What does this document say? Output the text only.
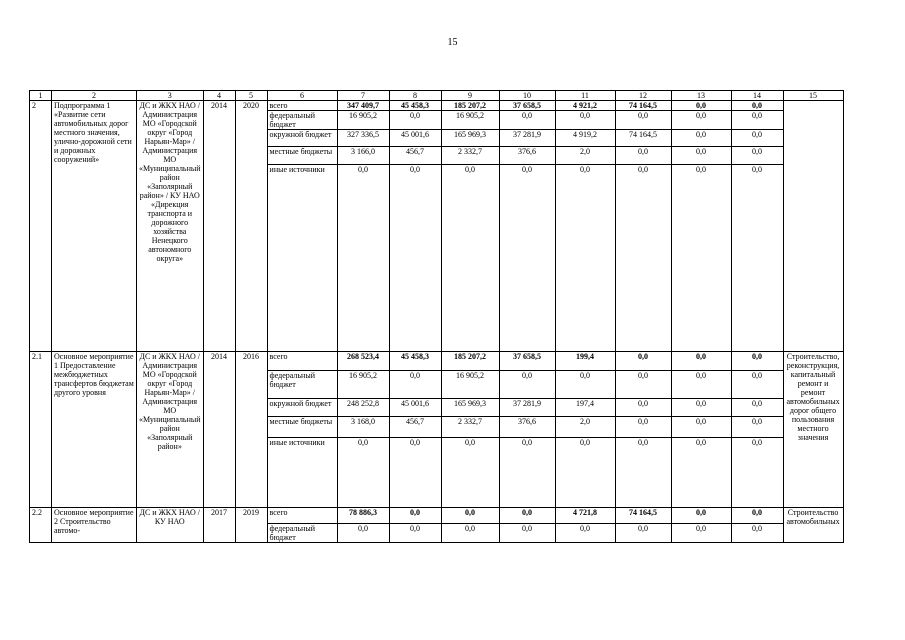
15
1	2	3	4	5	6	7	8	9	10	11	12	13	14	15
2	Подпрограмма 1 «Развитие сети автомобильных дорог местного значения, улично-дорожной сети и дорожных сооружений»	ДС и ЖКХ НАО / Администрация МО «Городской округ «Город Нарьян-Мар» / Администрация МО «Муниципальный район «Заполярный район» / КУ НАО «Дирекция транспорта и дорожного хозяйства Ненецкого автономного округа»	2014	2020	всего	347 409,7	45 458,3	185 207,2	37 658,5	4 921,2	74 164,5	0,0	0,0	
					федеральный бюджет	16 905,2	0,0	16 905,2	0,0	0,0	0,0	0,0	0,0	
					окружной бюджет	327 336,5	45 001,6	165 969,3	37 281,9	4 919,2	74 164,5	0,0	0,0	
					местные бюджеты	3 166,0	456,7	2 332,7	376,6	2,0	0,0	0,0	0,0	
					иные источники	0,0	0,0	0,0	0,0	0,0	0,0	0,0	0,0	
2.1	Основное мероприятие 1 Предоставление межбюджетных трансфертов бюджетам другого уровня	ДС и ЖКХ НАО / Администрация МО «Городской округ «Город Нарьян-Мар» / Администрация МО «Муниципальный район «Заполярный район»	2014	2016	всего	268 523,4	45 458,3	185 207,2	37 658,5	199,4	0,0	0,0	0,0	Строительство, реконструкция, капитальный ремонт и ремонт автомобильных дорог общего пользования местного значения
					федеральный бюджет	16 905,2	0,0	16 905,2	0,0	0,0	0,0	0,0	0,0	
					окружной бюджет	248 252,8	45 001,6	165 969,3	37 281,9	197,4	0,0	0,0	0,0	
					местные бюджеты	3 168,0	456,7	2 332,7	376,6	2,0	0,0	0,0	0,0	
					иные источники	0,0	0,0	0,0	0,0	0,0	0,0	0,0	0,0	
2.2	Основное мероприятие 2 Строительство автомо-	ДС и ЖКХ НАО / КУ НАО	2017	2019	всего	78 886,3	0,0	0,0	0,0	4 721,8	74 164,5	0,0	0,0	Строительство автомобильных
					федеральный бюджет	0,0	0,0	0,0	0,0	0,0	0,0	0,0	0,0	
